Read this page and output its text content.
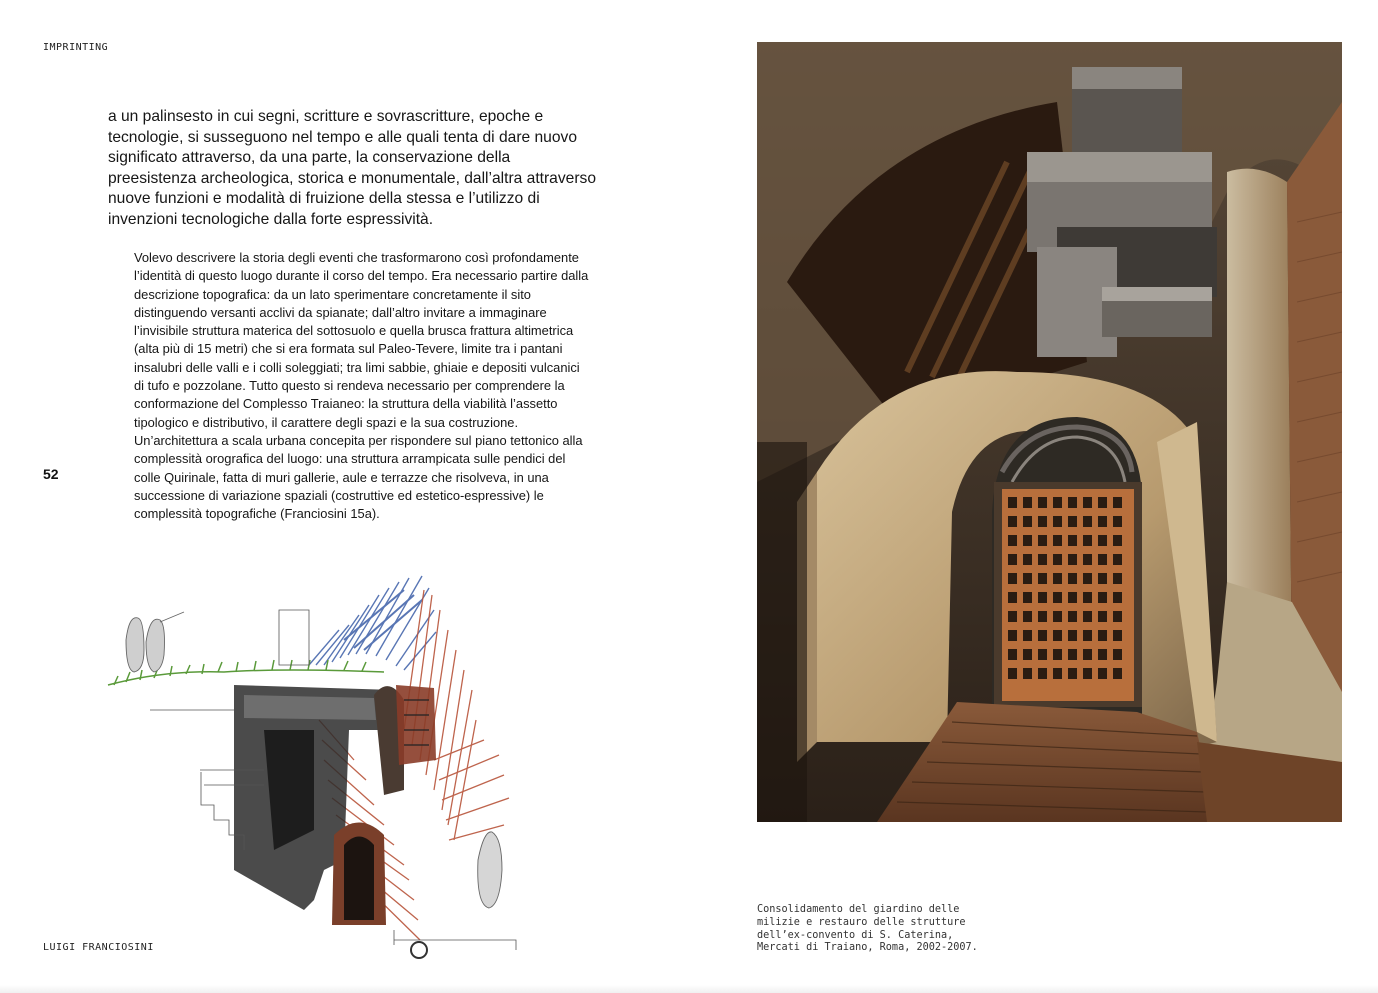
IMPRINTING

a un palinsesto in cui segni, scritture e sovrascritture, epoche e tecnologie, si susseguono nel tempo e alle quali tenta di dare nuovo significato attraverso, da una parte, la conservazione della preesistenza archeologica, storica e monumentale, dall’altra attraverso nuove funzioni e modalità di fruizione della stessa e l’utilizzo di invenzioni tecnologiche dalla forte espressività.

Volevo descrivere la storia degli eventi che trasformarono così profondamente l’identità di questo luogo durante il corso del tempo. Era necessario partire dalla descrizione topografica: da un lato sperimentare concretamente il sito distinguendo versanti acclivi da spianate; dall’altro invitare a immaginare l’invisibile struttura materica del sottosuolo e quella brusca frattura altimetrica (alta più di 15 metri) che si era formata sul Paleo-Tevere, limite tra i pantani insalubri delle valli e i colli soleggiati; tra limi sabbie, ghiaie e depositi vulcanici di tufo e pozzolane. Tutto questo si rendeva necessario per comprendere la conformazione del Complesso Traianeo: la struttura della viabilità l’assetto tipologico e distributivo, il carattere degli spazi e la sua costruzione. Un’architettura a scala urbana concepita per rispondere sul piano tettonico alla complessità orografica del luogo: una struttura arrampicata sulle pendici del colle Quirinale, fatta di muri gallerie, aule e terrazze che risolveva, in una successione di variazione spaziali (costruttive ed estetico-espressive) le complessità topografiche (Franciosini 15a).

52
LUIGI FRANCIOSINI
Consolidamento del giardino delle
milizie e restauro delle strutture
dell’ex-convento di S. Caterina,
Mercati di Traiano, Roma, 2002-2007.
